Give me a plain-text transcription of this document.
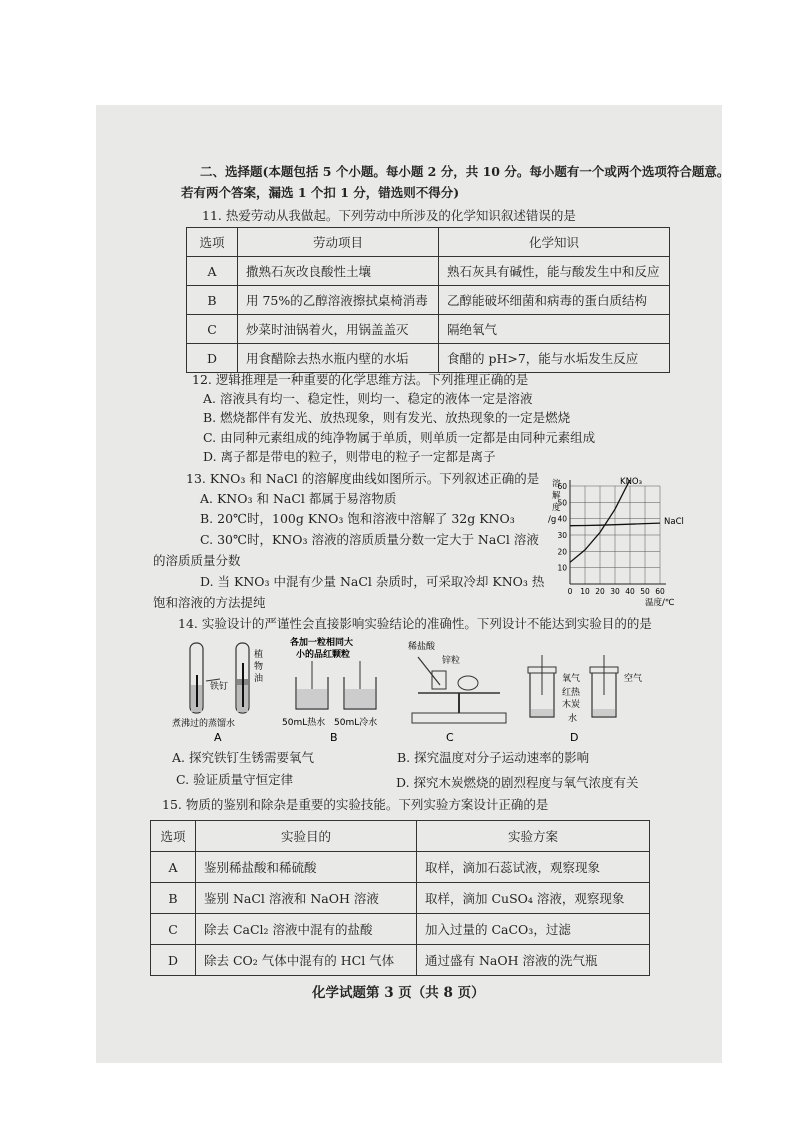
二、选择题(本题包括 5 个小题。每小题 2 分，共 10 分。每小题有一个或两个选项符合题意。
若有两个答案，漏选 1 个扣 1 分，错选则不得分)
11. 热爱劳动从我做起。下列劳动中所涉及的化学知识叙述错误的是
选项	劳动项目	化学知识
A	撒熟石灰改良酸性土壤	熟石灰具有碱性，能与酸发生中和反应
B	用 75%的乙醇溶液擦拭桌椅消毒	乙醇能破坏细菌和病毒的蛋白质结构
C	炒菜时油锅着火，用锅盖盖灭	隔绝氧气
D	用食醋除去热水瓶内壁的水垢	食醋的 pH>7，能与水垢发生反应
12. 逻辑推理是一种重要的化学思维方法。下列推理正确的是
A. 溶液具有均一、稳定性，则均一、稳定的液体一定是溶液
B. 燃烧都伴有发光、放热现象，则有发光、放热现象的一定是燃烧
C. 由同种元素组成的纯净物属于单质，则单质一定都是由同种元素组成
D. 离子都是带电的粒子，则带电的粒子一定都是离子
13. KNO₃ 和 NaCl 的溶解度曲线如图所示。下列叙述正确的是
A. KNO₃ 和 NaCl 都属于易溶物质
B. 20℃时，100g KNO₃ 饱和溶液中溶解了 32g KNO₃
C. 30℃时，KNO₃ 溶液的溶质质量分数一定大于 NaCl 溶液
的溶质质量分数
D. 当 KNO₃ 中混有少量 NaCl 杂质时，可采取冷却 KNO₃ 热
饱和溶液的方法提纯
溶
解
度
/g
0 10 20 30 40 50 60
10
20
30
40
50
60
温度/℃
KNO₃
NaCl
14. 实验设计的严谨性会直接影响实验结论的准确性。下列设计不能达到实验目的的是
铁钉
植
物
油
煮沸过的蒸馏水
A
各加一粒相同大
小的品红颗粒
50mL热水 50mL冷水
B
稀盐酸
锌粒
C
氧气
红热
木炭
水
空气
D
A. 探究铁钉生锈需要氧气	B. 探究温度对分子运动速率的影响
C. 验证质量守恒定律	D. 探究木炭燃烧的剧烈程度与氧气浓度有关
15. 物质的鉴别和除杂是重要的实验技能。下列实验方案设计正确的是
选项	实验目的	实验方案
A	鉴别稀盐酸和稀硫酸	取样，滴加石蕊试液，观察现象
B	鉴别 NaCl 溶液和 NaOH 溶液	取样，滴加 CuSO₄ 溶液，观察现象
C	除去 CaCl₂ 溶液中混有的盐酸	加入过量的 CaCO₃，过滤
D	除去 CO₂ 气体中混有的 HCl 气体	通过盛有 NaOH 溶液的洗气瓶
化学试题第 3 页（共 8 页）
